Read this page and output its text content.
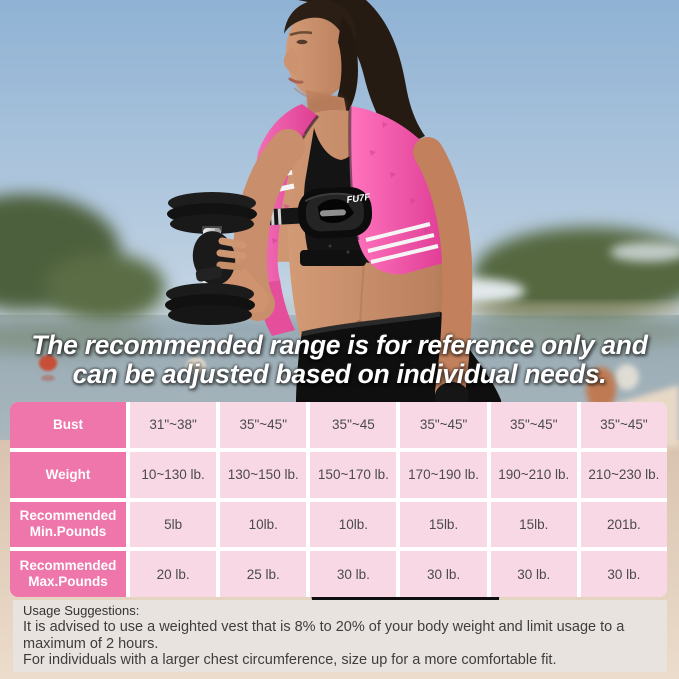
FU7F
The recommended range is for reference only and
can be adjusted based on individual needs.
Bust	31"~38"	35"~45"	35"~45	35"~45"	35"~45"	35"~45"
Weight	10~130 lb.	130~150 lb.	150~170 lb.	170~190 lb.	190~210 lb.	210~230 lb.
Recommended Min.Pounds	5lb	10lb.	10lb.	15lb.	15lb.	201b.
Recommended Max.Pounds	20 lb.	25 lb.	30 lb.	30 lb.	30 lb.	30 lb.
Usage Suggestions:
It is advised to use a weighted vest that is 8% to 20% of your body weight and limit usage to a maximum of 2 hours.
For individuals with a larger chest circumference, size up for a more comfortable fit.
